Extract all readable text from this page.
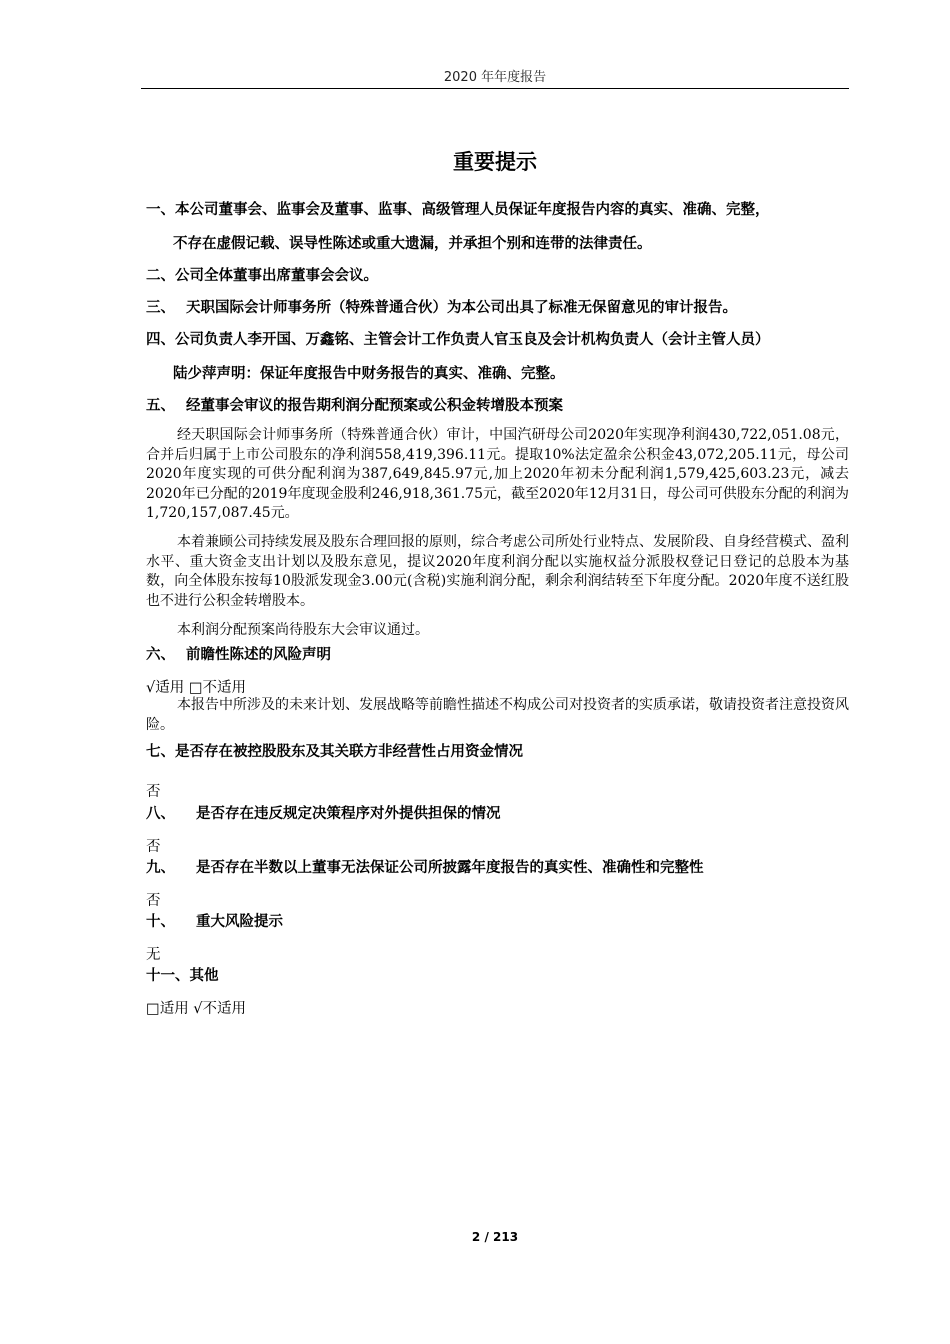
2020 年年度报告
重要提示
一、本公司董事会、监事会及董事、监事、高级管理人员保证年度报告内容的真实、准确、完整，
不存在虚假记载、误导性陈述或重大遗漏，并承担个别和连带的法律责任。
二、公司全体董事出席董事会会议。
三、 天职国际会计师事务所（特殊普通合伙）为本公司出具了标准无保留意见的审计报告。
四、公司负责人李开国、万鑫铭、主管会计工作负责人官玉良及会计机构负责人（会计主管人员）
陆少萍声明：保证年度报告中财务报告的真实、准确、完整。
五、 经董事会审议的报告期利润分配预案或公积金转增股本预案
经天职国际会计师事务所（特殊普通合伙）审计，中国汽研母公司2020年实现净利润430,722,051.08元，合并后归属于上市公司股东的净利润558,419,396.11元。提取10%法定盈余公积金43,072,205.11元，母公司2020年度实现的可供分配利润为387,649,845.97元,加上2020年初未分配利润1,579,425,603.23元，减去2020年已分配的2019年度现金股利246,918,361.75元，截至2020年12月31日，母公司可供股东分配的利润为1,720,157,087.45元。
本着兼顾公司持续发展及股东合理回报的原则，综合考虑公司所处行业特点、发展阶段、自身经营模式、盈利水平、重大资金支出计划以及股东意见，提议2020年度利润分配以实施权益分派股权登记日登记的总股本为基数，向全体股东按每10股派发现金3.00元(含税)实施利润分配，剩余利润结转至下年度分配。2020年度不送红股也不进行公积金转增股本。
本利润分配预案尚待股东大会审议通过。
六、 前瞻性陈述的风险声明
√适用 □不适用
本报告中所涉及的未来计划、发展战略等前瞻性描述不构成公司对投资者的实质承诺，敬请投资者注意投资风险。
七、是否存在被控股股东及其关联方非经营性占用资金情况
否
八、 是否存在违反规定决策程序对外提供担保的情况
否
九、 是否存在半数以上董事无法保证公司所披露年度报告的真实性、准确性和完整性
否
十、 重大风险提示
无
十一、其他
□适用 √不适用
2 / 213
